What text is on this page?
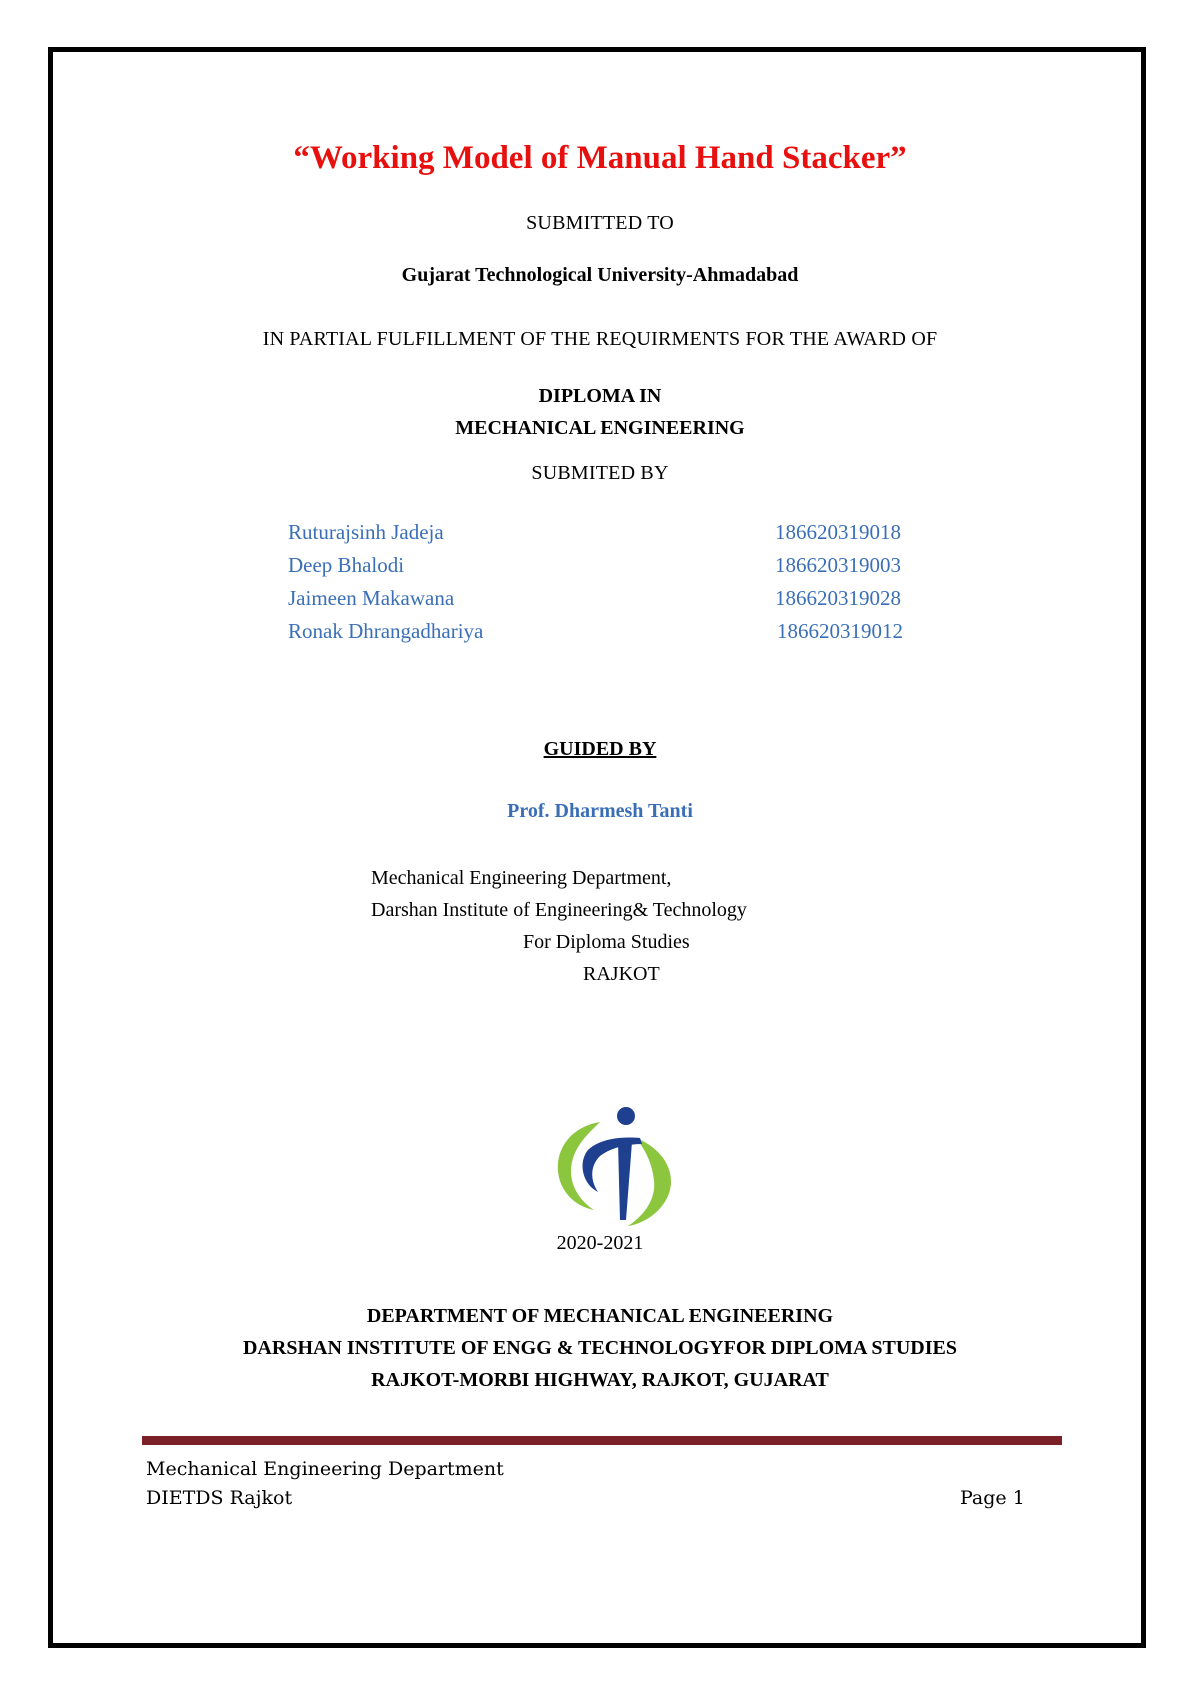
“Working Model of Manual Hand Stacker”
SUBMITTED TO
Gujarat Technological University-Ahmadabad
IN PARTIAL FULFILLMENT OF THE REQUIRMENTS FOR THE AWARD OF
DIPLOMA IN
MECHANICAL ENGINEERING
SUBMITED BY
Ruturajsinh Jadeja	186620319018
Deep Bhalodi	186620319003
Jaimeen Makawana	186620319028
Ronak Dhrangadhariya	186620319012
GUIDED BY
Prof. Dharmesh Tanti
Mechanical Engineering Department,
Darshan Institute of Engineering& Technology
For Diploma Studies
RAJKOT
2020-2021
DEPARTMENT OF MECHANICAL ENGINEERING
DARSHAN INSTITUTE OF ENGG & TECHNOLOGYFOR DIPLOMA STUDIES
RAJKOT-MORBI HIGHWAY, RAJKOT, GUJARAT
Mechanical Engineering Department
DIETDS Rajkot	Page 1
